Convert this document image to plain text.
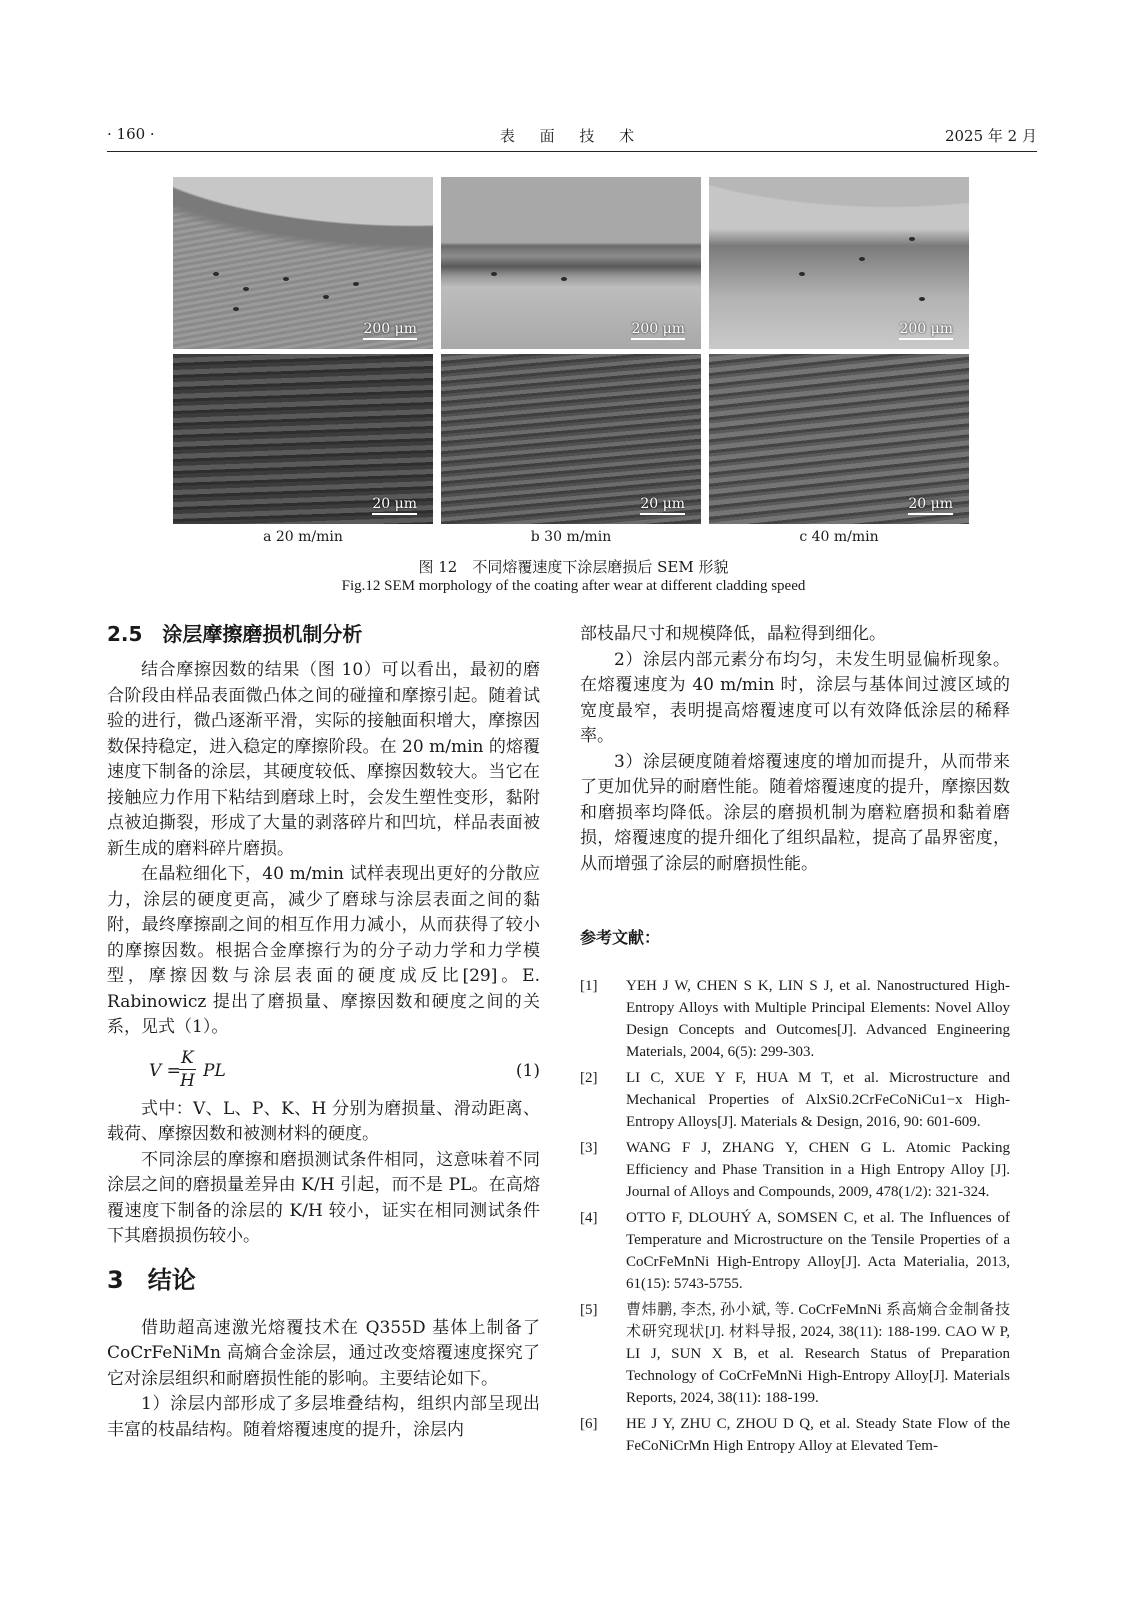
· 160 ·	表 面 技 术	2025 年 2 月
200 μm	200 μm	200 μm
20 μm	20 μm	20 μm
a 20 m/min	b 30 m/min	c 40 m/min
图 12　不同熔覆速度下涂层磨损后 SEM 形貌
Fig.12 SEM morphology of the coating after wear at different cladding speed
2.5　涂层摩擦磨损机制分析

结合摩擦因数的结果（图 10）可以看出，最初的磨合阶段由样品表面微凸体之间的碰撞和摩擦引起。随着试验的进行，微凸逐渐平滑，实际的接触面积增大，摩擦因数保持稳定，进入稳定的摩擦阶段。在 20 m/min 的熔覆速度下制备的涂层，其硬度较低、摩擦因数较大。当它在接触应力作用下粘结到磨球上时，会发生塑性变形，黏附点被迫撕裂，形成了大量的剥落碎片和凹坑，样品表面被新生成的磨料碎片磨损。

在晶粒细化下，40 m/min 试样表现出更好的分散应力，涂层的硬度更高，减少了磨球与涂层表面之间的黏附，最终摩擦副之间的相互作用力减小，从而获得了较小的摩擦因数。根据合金摩擦行为的分子动力学和力学模型，摩擦因数与涂层表面的硬度成反比[29]。E. Rabinowicz 提出了磨损量、摩擦因数和硬度之间的关系，见式（1）。

V =
$\frac{K}{H}$ PL	(1)

式中：V、L、P、K、H 分别为磨损量、滑动距离、载荷、摩擦因数和被测材料的硬度。

不同涂层的摩擦和磨损测试条件相同，这意味着不同涂层之间的磨损量差异由 K/H 引起，而不是 PL。在高熔覆速度下制备的涂层的 K/H 较小，证实在相同测试条件下其磨损损伤较小。

3　结论

借助超高速激光熔覆技术在 Q355D 基体上制备了 CoCrFeNiMn 高熵合金涂层，通过改变熔覆速度探究了它对涂层组织和耐磨损性能的影响。主要结论如下。

1）涂层内部形成了多层堆叠结构，组织内部呈现出丰富的枝晶结构。随着熔覆速度的提升，涂层内

部枝晶尺寸和规模降低，晶粒得到细化。

2）涂层内部元素分布均匀，未发生明显偏析现象。在熔覆速度为 40 m/min 时，涂层与基体间过渡区域的宽度最窄，表明提高熔覆速度可以有效降低涂层的稀释率。

3）涂层硬度随着熔覆速度的增加而提升，从而带来了更加优异的耐磨性能。随着熔覆速度的提升，摩擦因数和磨损率均降低。涂层的磨损机制为磨粒磨损和黏着磨损，熔覆速度的提升细化了组织晶粒，提高了晶界密度，从而增强了涂层的耐磨损性能。

参考文献：
[1]	YEH J W, CHEN S K, LIN S J, et al. Nanostructured High-Entropy Alloys with Multiple Principal Elements: Novel Alloy Design Concepts and Outcomes[J]. Advanced Engineering Materials, 2004, 6(5): 299-303.
[2]	LI C, XUE Y F, HUA M T, et al. Microstructure and Mechanical Properties of AlxSi0.2CrFeCoNiCu1−x High-Entropy Alloys[J]. Materials & Design, 2016, 90: 601-609.
[3]	WANG F J, ZHANG Y, CHEN G L. Atomic Packing Efficiency and Phase Transition in a High Entropy Alloy [J]. Journal of Alloys and Compounds, 2009, 478(1/2): 321-324.
[4]	OTTO F, DLOUHÝ A, SOMSEN C, et al. The Influences of Temperature and Microstructure on the Tensile Properties of a CoCrFeMnNi High-Entropy Alloy[J]. Acta Materialia, 2013, 61(15): 5743-5755.
[5]	曹炜鹏, 李杰, 孙小斌, 等. CoCrFeMnNi 系高熵合金制备技术研究现状[J]. 材料导报, 2024, 38(11): 188-199. CAO W P, LI J, SUN X B, et al. Research Status of Preparation Technology of CoCrFeMnNi High-Entropy Alloy[J]. Materials Reports, 2024, 38(11): 188-199.
[6]	HE J Y, ZHU C, ZHOU D Q, et al. Steady State Flow of the FeCoNiCrMn High Entropy Alloy at Elevated Tem-
